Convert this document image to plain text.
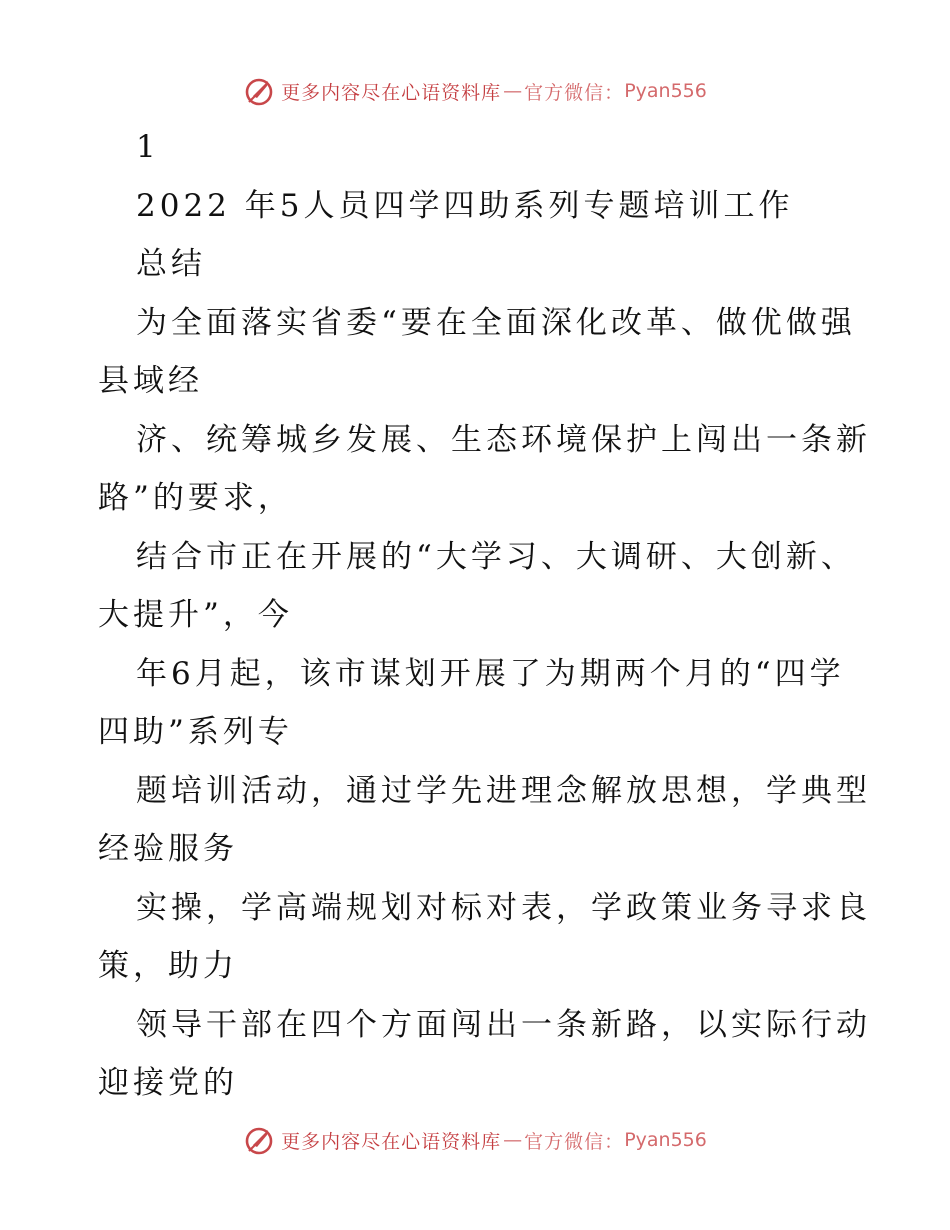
更多内容尽在心语资料库 — 官方微信： Pyan556
1
2022 年5人员四学四助系列专题培训工作
总结
为全面落实省委“要在全面深化改革、做优做强
县域经
济、统筹城乡发展、生态环境保护上闯出一条新
路”的要求，
结合市正在开展的“大学习、大调研、大创新、
大提升”，今
年6月起，该市谋划开展了为期两个月的“四学
四助”系列专
题培训活动，通过学先进理念解放思想，学典型
经验服务
实操，学高端规划对标对表，学政策业务寻求良
策，助力
领导干部在四个方面闯出一条新路，以实际行动
迎接党的
更多内容尽在心语资料库 — 官方微信： Pyan556
